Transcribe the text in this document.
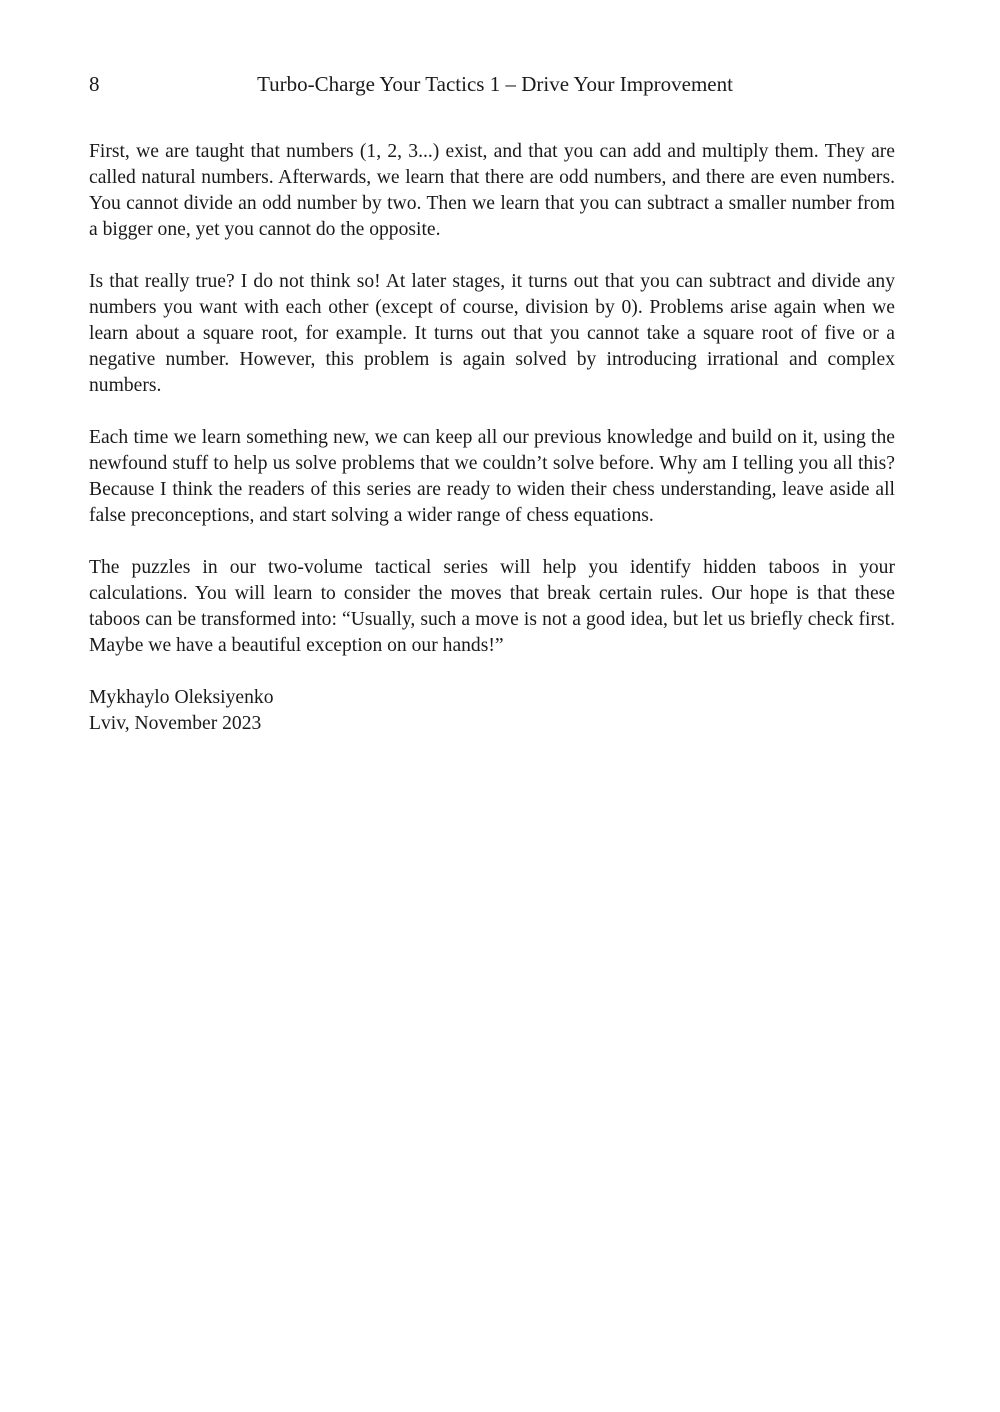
8	Turbo-Charge Your Tactics 1 – Drive Your Improvement

First, we are taught that numbers (1, 2, 3...) exist, and that you can add and multiply them. They are called natural numbers. Afterwards, we learn that there are odd numbers, and there are even numbers. You cannot divide an odd number by two. Then we learn that you can subtract a smaller number from a bigger one, yet you cannot do the opposite.

Is that really true? I do not think so! At later stages, it turns out that you can subtract and divide any numbers you want with each other (except of course, division by 0). Problems arise again when we learn about a square root, for example. It turns out that you cannot take a square root of five or a negative number. However, this problem is again solved by introducing irrational and complex numbers.

Each time we learn something new, we can keep all our previous knowledge and build on it, using the newfound stuff to help us solve problems that we couldn’t solve before. Why am I telling you all this? Because I think the readers of this series are ready to widen their chess understanding, leave aside all false preconceptions, and start solving a wider range of chess equations.

The puzzles in our two-volume tactical series will help you identify hidden taboos in your calculations. You will learn to consider the moves that break certain rules. Our hope is that these taboos can be transformed into: “Usually, such a move is not a good idea, but let us briefly check first. Maybe we have a beautiful exception on our hands!”

Mykhaylo Oleksiyenko
Lviv, November 2023
